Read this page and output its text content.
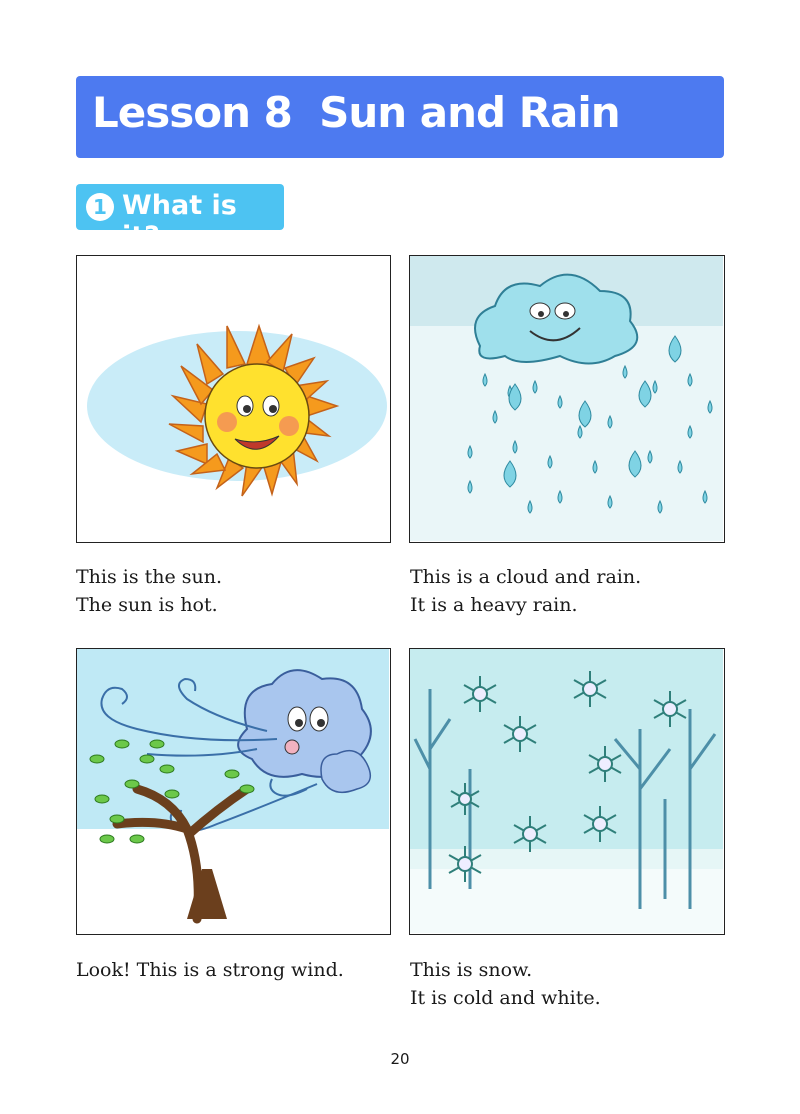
Lesson 8  Sun and Rain
1 What is it?
This is the sun.
The sun is hot.
This is a cloud and rain.
It is a heavy rain.
Look! This is a strong wind.	This is snow.
It is cold and white.
20
